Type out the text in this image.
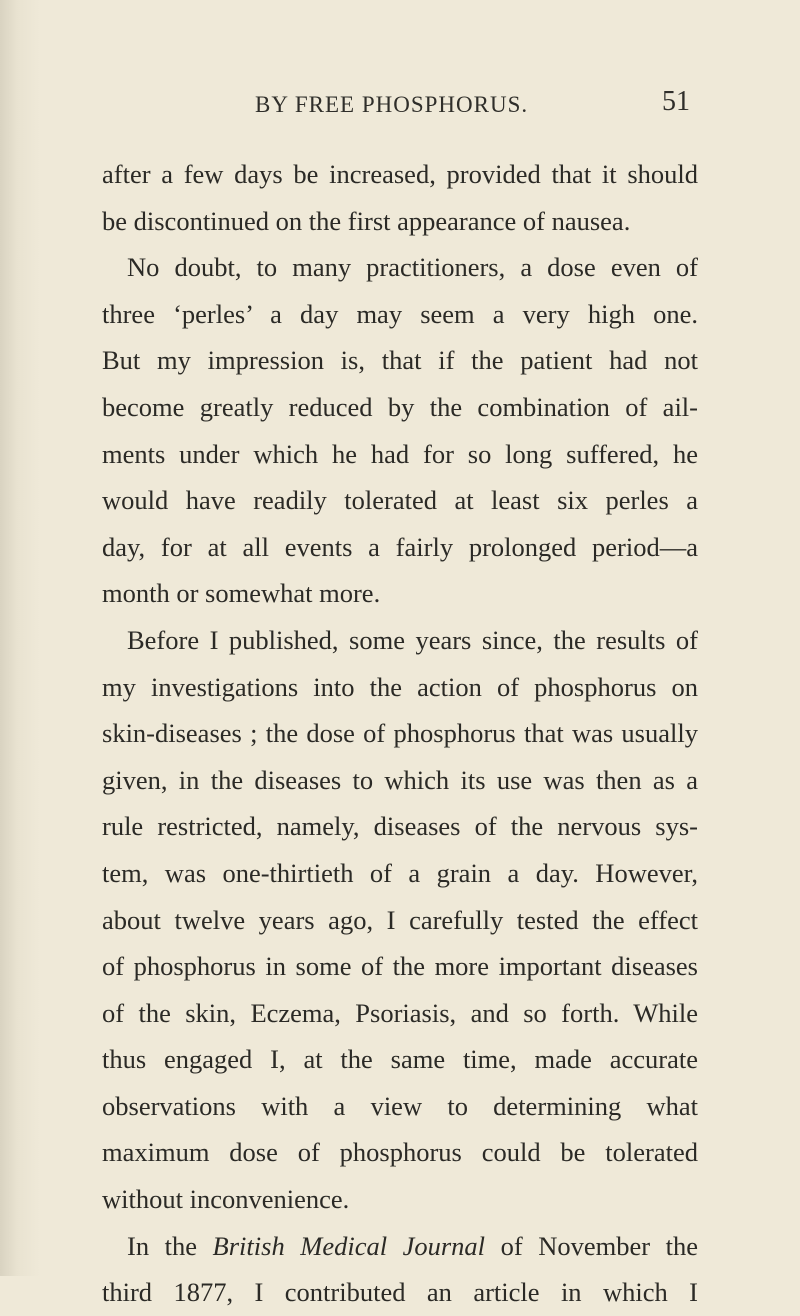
BY FREE PHOSPHORUS.	51
after a few days be increased, provided that it should
be discontinued on the first appearance of nausea.
No doubt, to many practitioners, a dose even of
three ‘perles’ a day may seem a very high one.
But my impression is, that if the patient had not
become greatly reduced by the combination of ail-
ments under which he had for so long suffered, he
would have readily tolerated at least six perles a
day, for at all events a fairly prolonged period—a
month or somewhat more.
Before I published, some years since, the results of
my investigations into the action of phosphorus on
skin-diseases ; the dose of phosphorus that was usually
given, in the diseases to which its use was then as a
rule restricted, namely, diseases of the nervous sys-
tem, was one-thirtieth of a grain a day. However,
about twelve years ago, I carefully tested the effect
of phosphorus in some of the more important diseases
of the skin, Eczema, Psoriasis, and so forth. While
thus engaged I, at the same time, made accurate
observations with a view to determining what
maximum dose of phosphorus could be tolerated
without inconvenience.
In the British Medical Journal of November the
third 1877, I contributed an article in which I
